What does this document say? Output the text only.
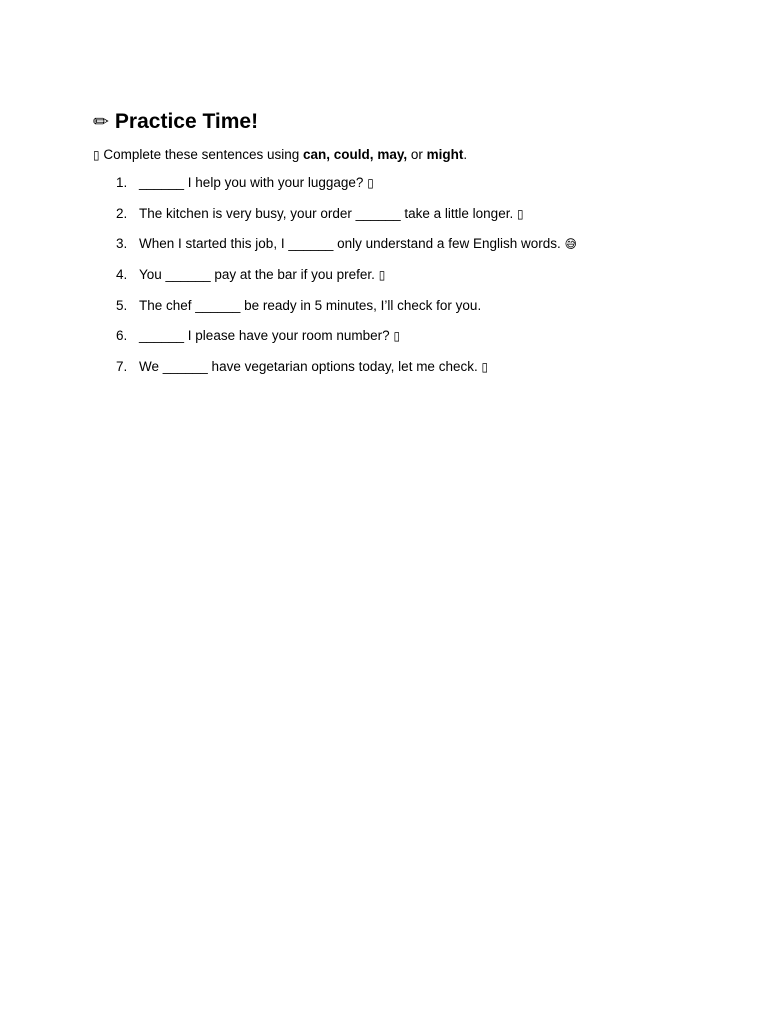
✏ Practice Time!

▯ Complete these sentences using can, could, may, or might.

1. ______ I help you with your luggage? ▯
2. The kitchen is very busy, your order ______ take a little longer. ▯
3. When I started this job, I ______ only understand a few English words. 😅
4. You ______ pay at the bar if you prefer. ▯
5. The chef ______ be ready in 5 minutes, I’ll check for you.
6. ______ I please have your room number? ▯
7. We ______ have vegetarian options today, let me check. ▯
